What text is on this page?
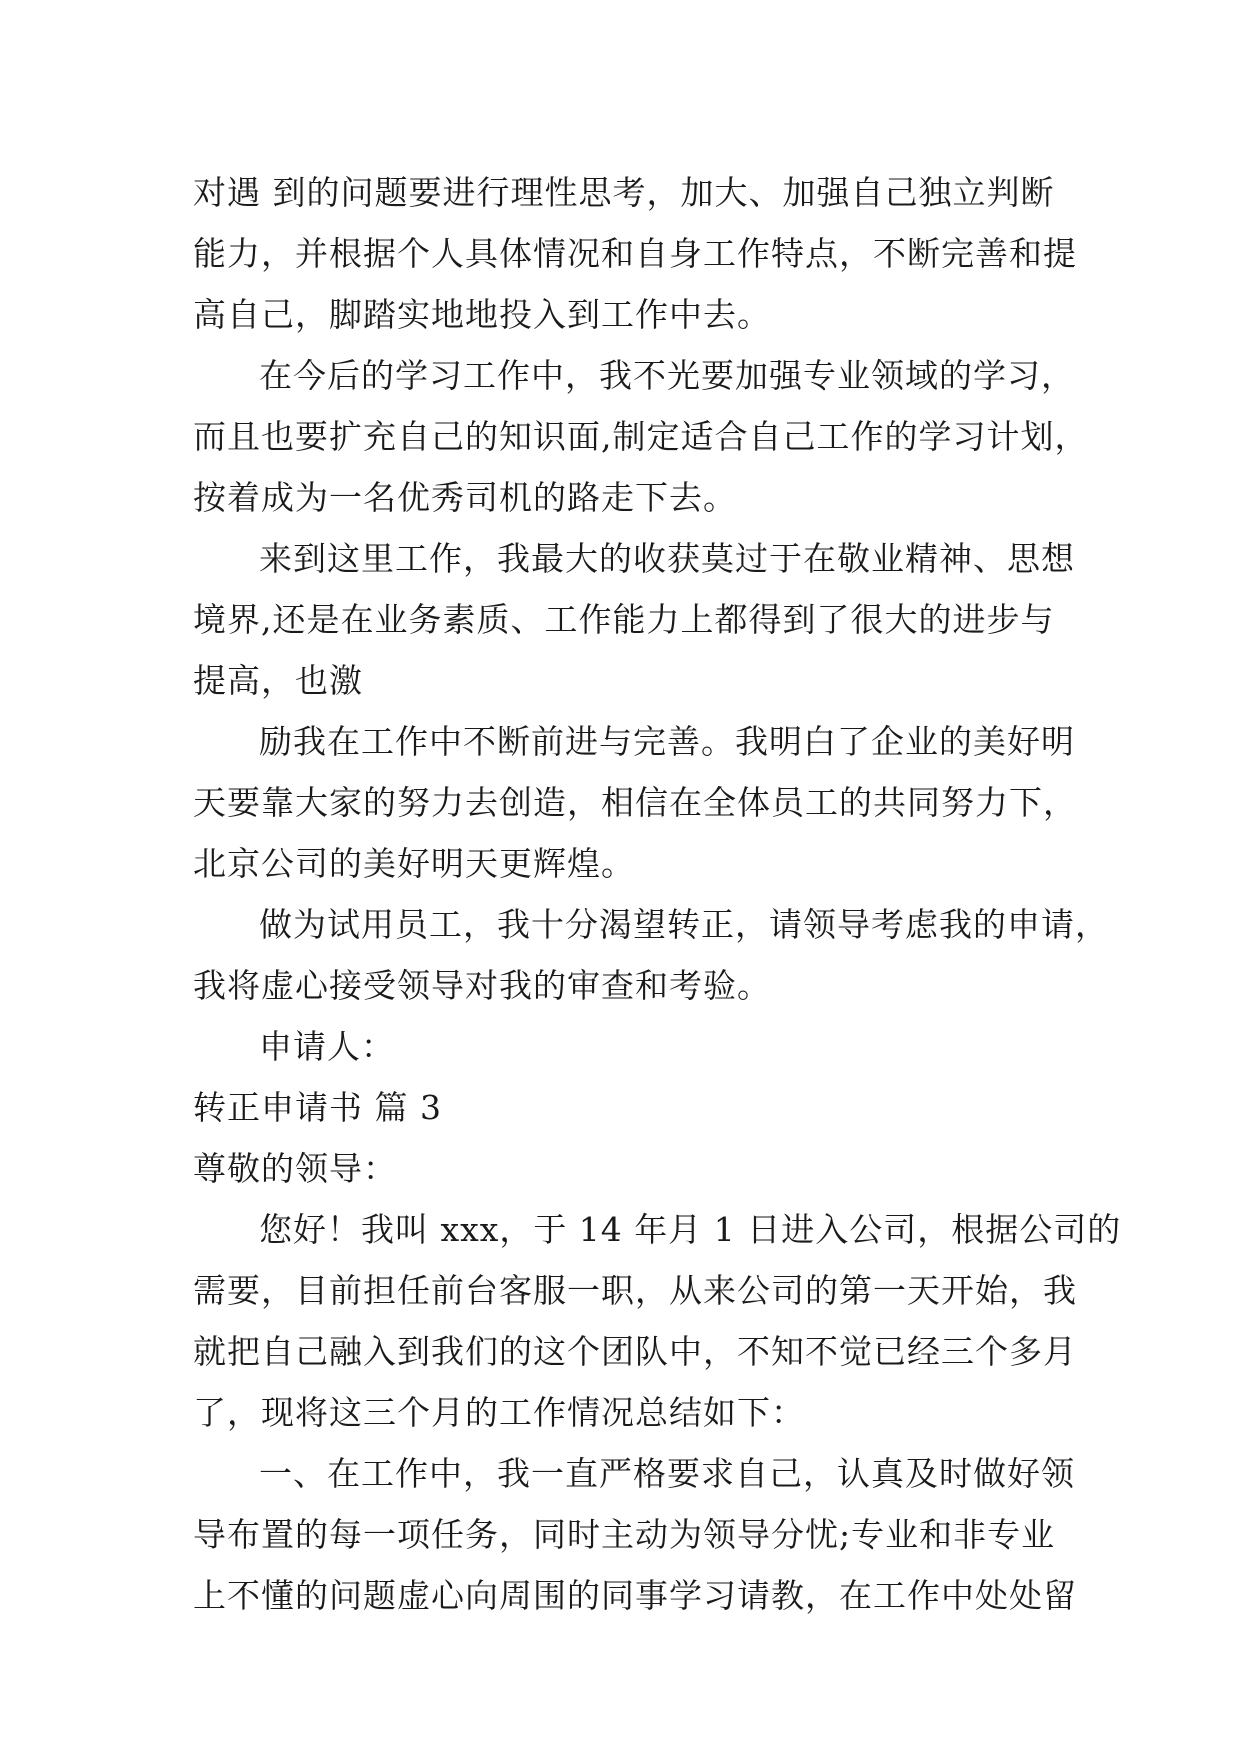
对遇 到的问题要进行理性思考，加大、加强自己独立判断
能力，并根据个人具体情况和自身工作特点，不断完善和提
高自己，脚踏实地地投入到工作中去。
在今后的学习工作中，我不光要加强专业领域的学习，
而且也要扩充自己的知识面,制定适合自己工作的学习计划，
按着成为一名优秀司机的路走下去。
来到这里工作，我最大的收获莫过于在敬业精神、思想
境界,还是在业务素质、工作能力上都得到了很大的进步与
提高，也激
励我在工作中不断前进与完善。我明白了企业的美好明
天要靠大家的努力去创造，相信在全体员工的共同努力下，
北京公司的美好明天更辉煌。
做为试用员工，我十分渴望转正，请领导考虑我的申请，
我将虚心接受领导对我的审查和考验。
申请人：
转正申请书 篇 3
尊敬的领导：
您好！我叫 xxx，于 14 年月 1 日进入公司，根据公司的
需要，目前担任前台客服一职，从来公司的第一天开始，我
就把自己融入到我们的这个团队中，不知不觉已经三个多月
了，现将这三个月的工作情况总结如下：
一、在工作中，我一直严格要求自己，认真及时做好领
导布置的每一项任务，同时主动为领导分忧;专业和非专业
上不懂的问题虚心向周围的同事学习请教，在工作中处处留
